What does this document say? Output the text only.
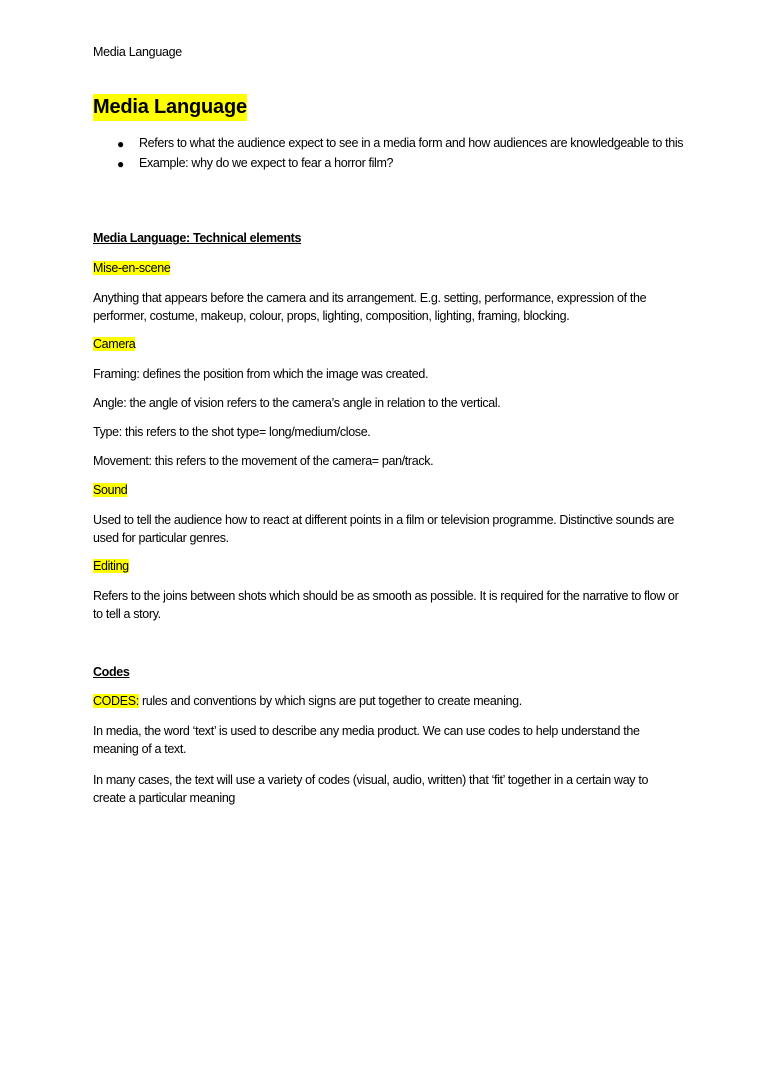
Media Language
Media Language
● Refers to what the audience expect to see in a media form and how audiences are knowledgeable to this
● Example: why do we expect to fear a horror film?
Media Language: Technical elements
Mise-en-scene
Anything that appears before the camera and its arrangement. E.g. setting, performance, expression of the performer, costume, makeup, colour, props, lighting, composition, lighting, framing, blocking.
Camera
Framing: defines the position from which the image was created.
Angle: the angle of vision refers to the camera’s angle in relation to the vertical.
Type: this refers to the shot type= long/medium/close.
Movement: this refers to the movement of the camera= pan/track.
Sound
Used to tell the audience how to react at different points in a film or television programme. Distinctive sounds are used for particular genres.
Editing
Refers to the joins between shots which should be as smooth as possible. It is required for the narrative to flow or to tell a story.
Codes
CODES: rules and conventions by which signs are put together to create meaning.
In media, the word ‘text’ is used to describe any media product. We can use codes to help understand the meaning of a text.
In many cases, the text will use a variety of codes (visual, audio, written) that ‘fit’ together in a certain way to create a particular meaning
